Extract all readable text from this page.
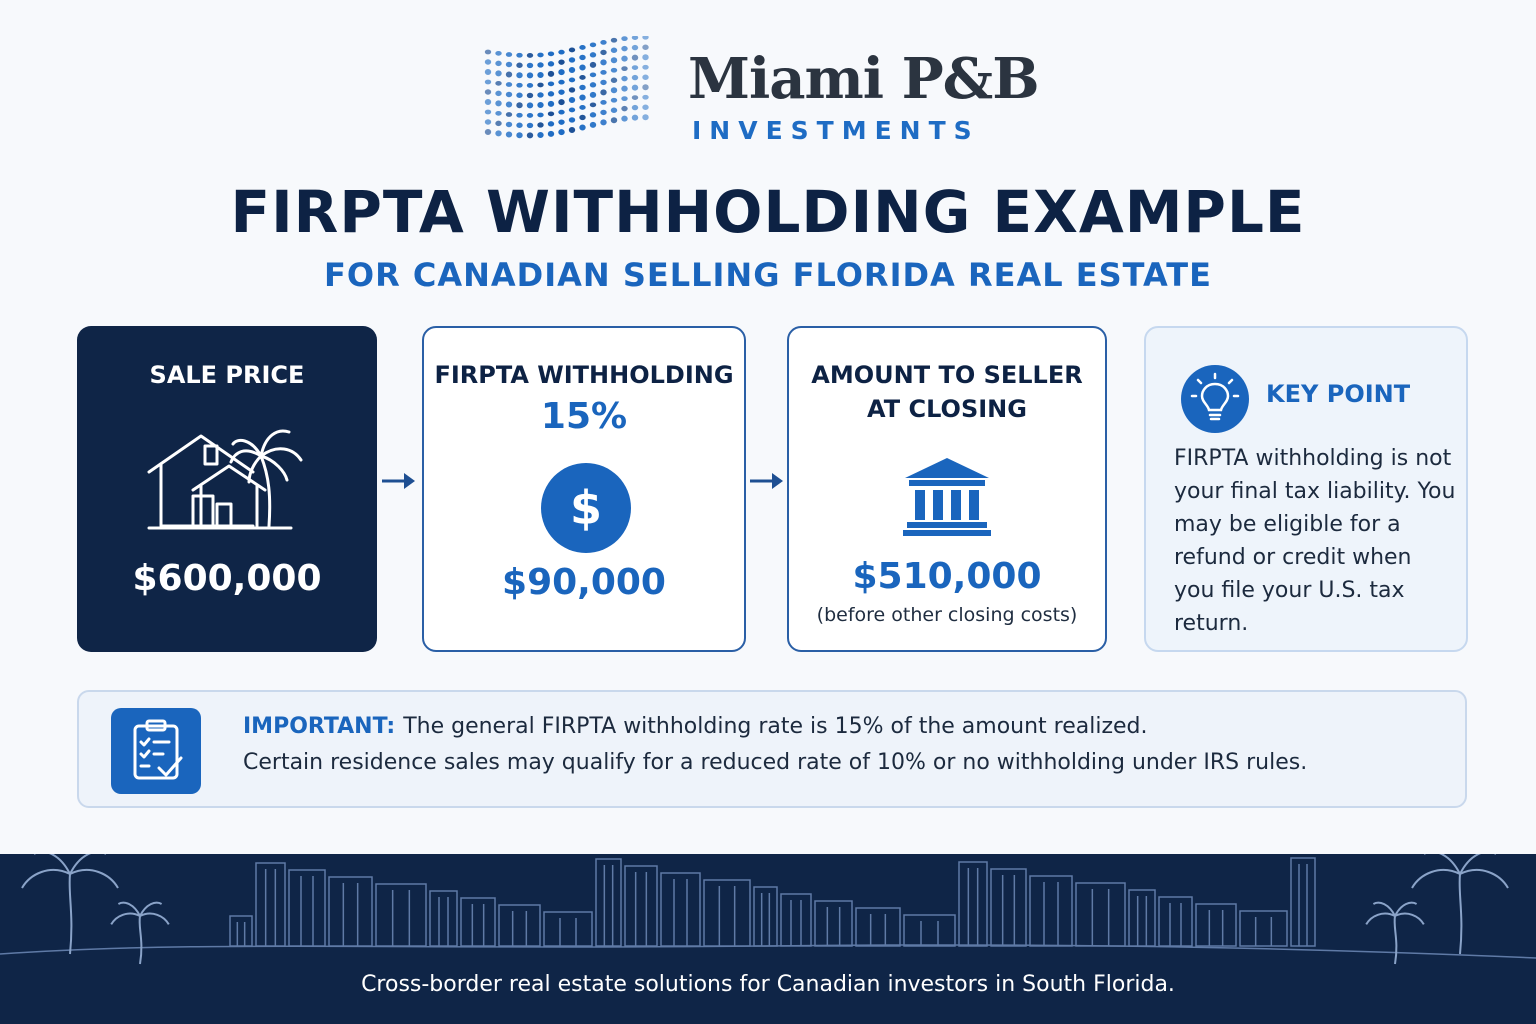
Miami P&B
INVESTMENTS
FIRPTA WITHHOLDING EXAMPLE
FOR CANADIAN SELLING FLORIDA REAL ESTATE
SALE PRICE
$600,000
FIRPTA WITHHOLDING
15%
$
$90,000
AMOUNT TO SELLER
AT CLOSING
$510,000
(before other closing costs)
KEY POINT
FIRPTA withholding is not your final tax liability. You may be eligible for a refund or credit when you file your U.S. tax return.
IMPORTANT: The general FIRPTA withholding rate is 15% of the amount realized.
Certain residence sales may qualify for a reduced rate of 10% or no withholding under IRS rules.
Cross-border real estate solutions for Canadian investors in South Florida.
